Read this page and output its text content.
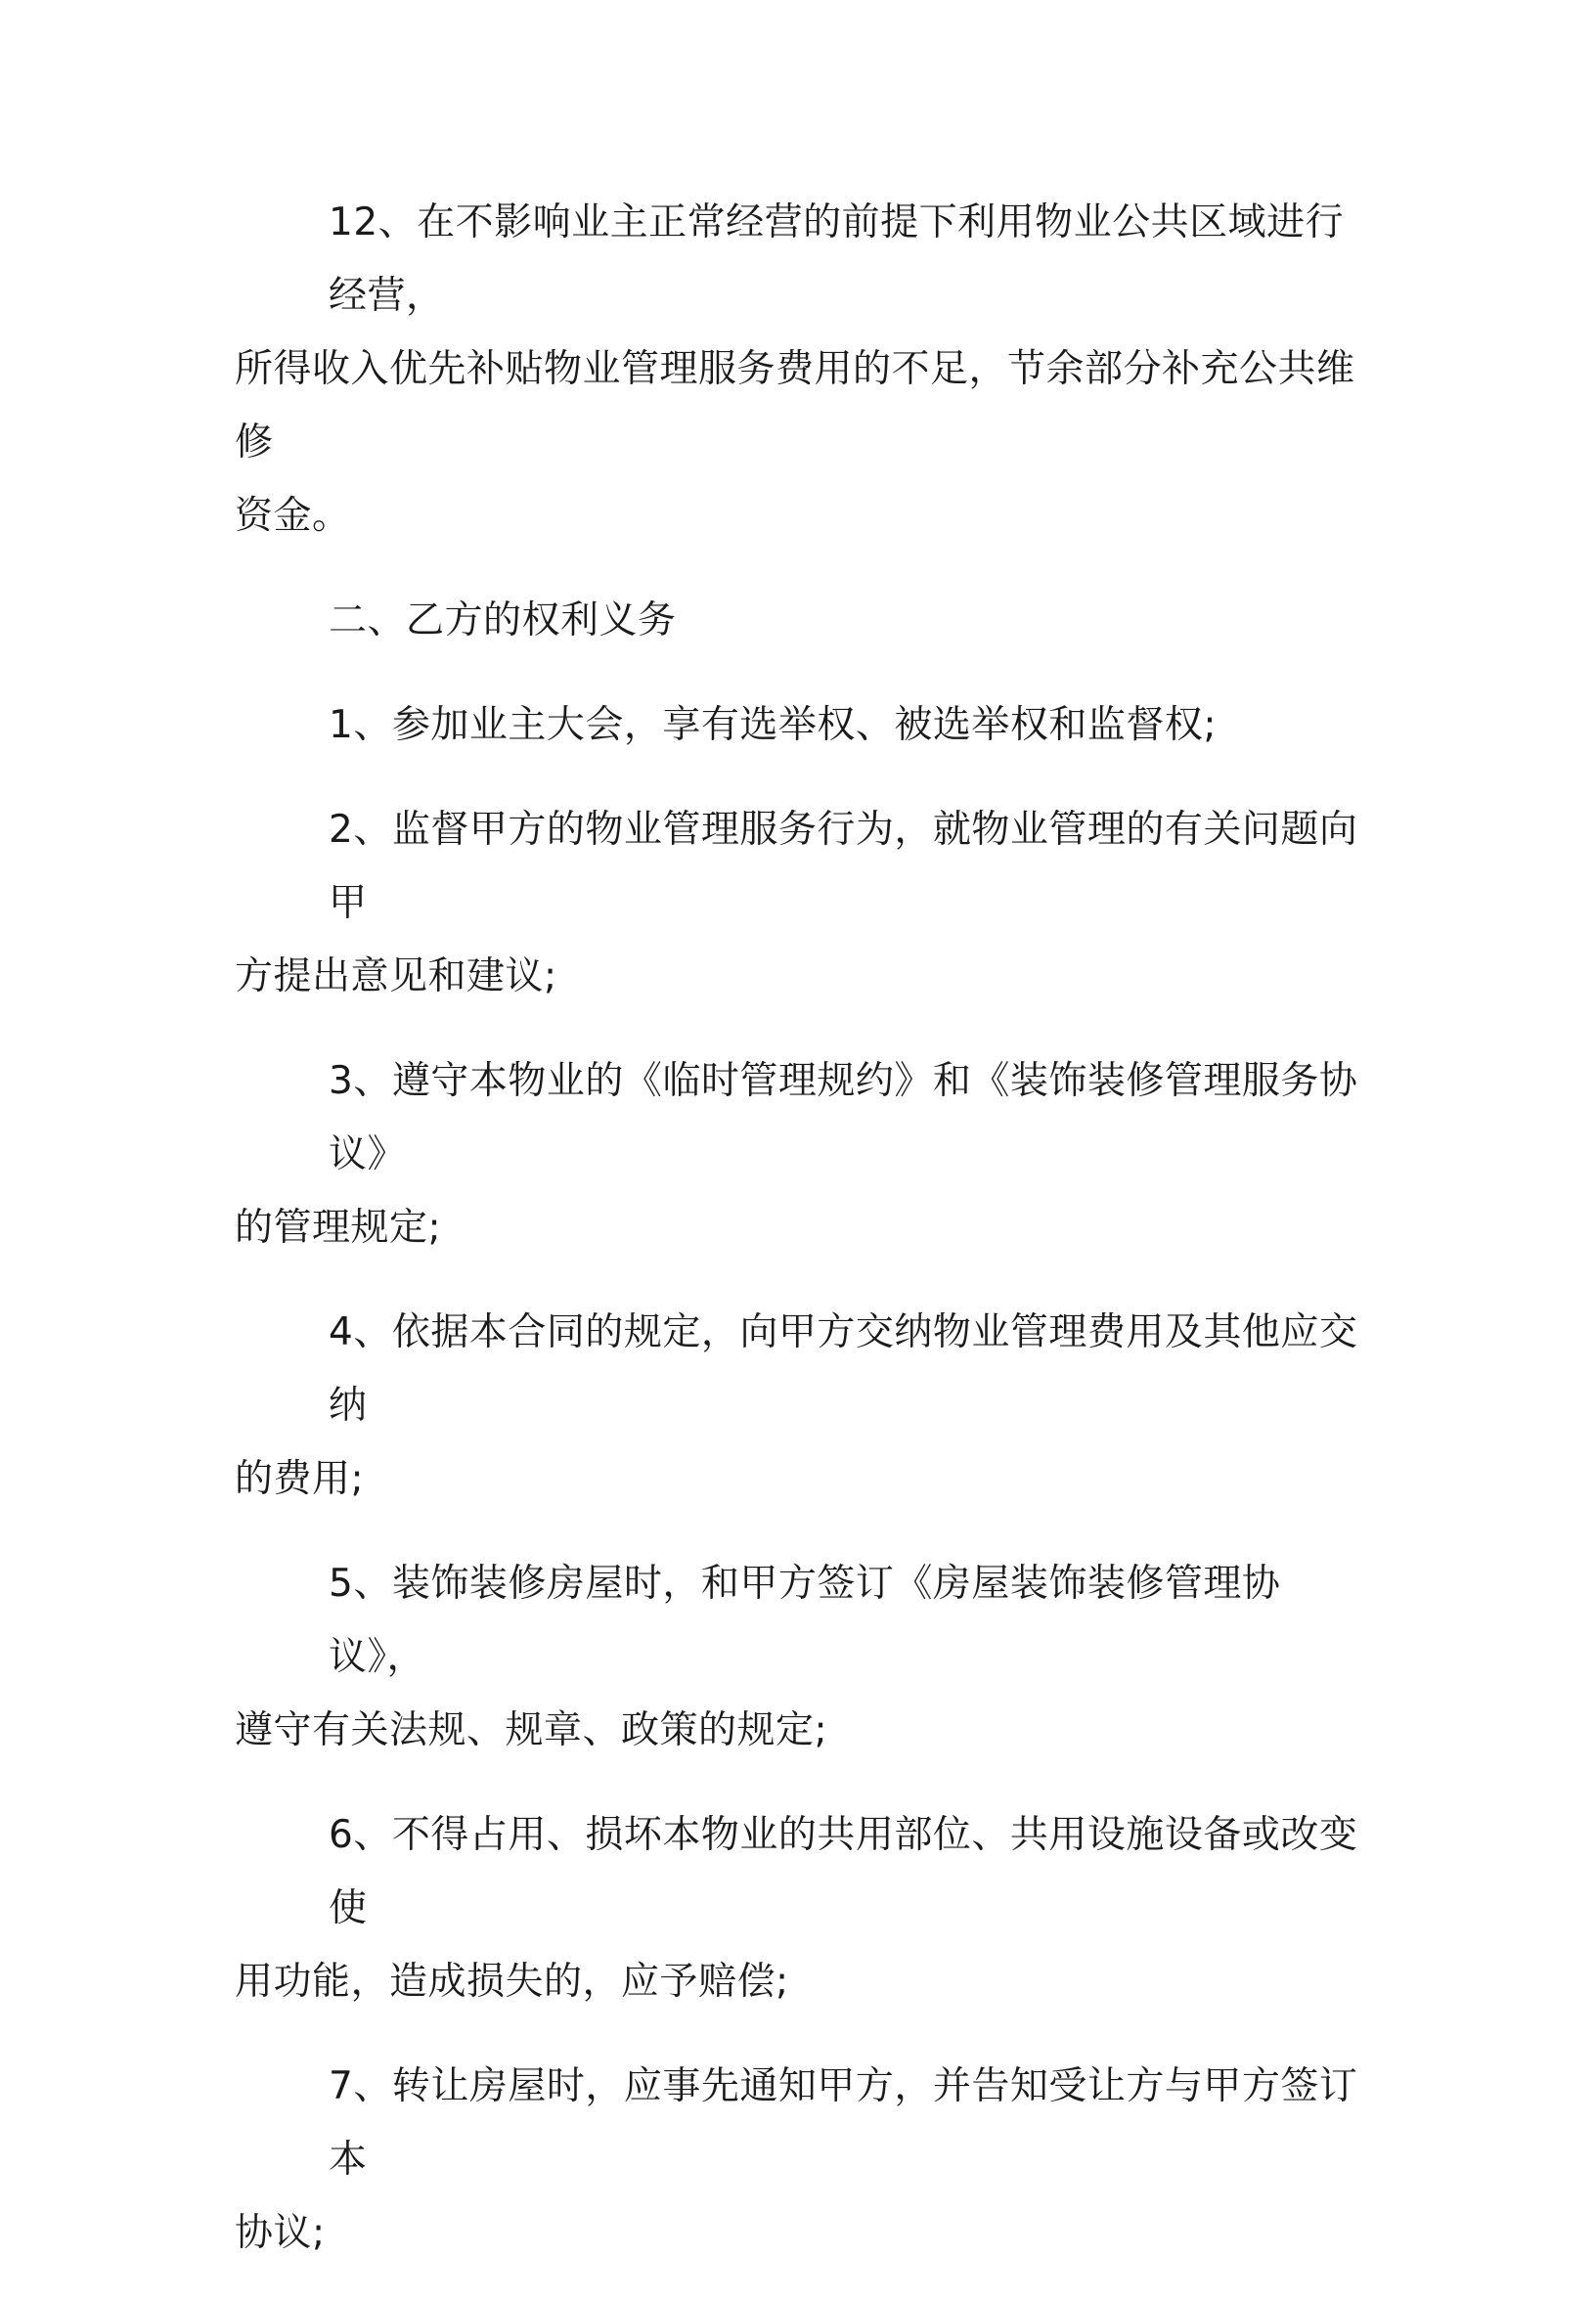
12、在不影响业主正常经营的前提下利用物业公共区域进行经营，
所得收入优先补贴物业管理服务费用的不足，节余部分补充公共维修
资金。
二、乙方的权利义务
1、参加业主大会，享有选举权、被选举权和监督权;
2、监督甲方的物业管理服务行为，就物业管理的有关问题向甲
方提出意见和建议;
3、遵守本物业的《临时管理规约》和《装饰装修管理服务协议》
的管理规定;
4、依据本合同的规定，向甲方交纳物业管理费用及其他应交纳
的费用;
5、装饰装修房屋时，和甲方签订《房屋装饰装修管理协议》，
遵守有关法规、规章、政策的规定;
6、不得占用、损坏本物业的共用部位、共用设施设备或改变使
用功能，造成损失的，应予赔偿;
7、转让房屋时，应事先通知甲方，并告知受让方与甲方签订本
协议;
